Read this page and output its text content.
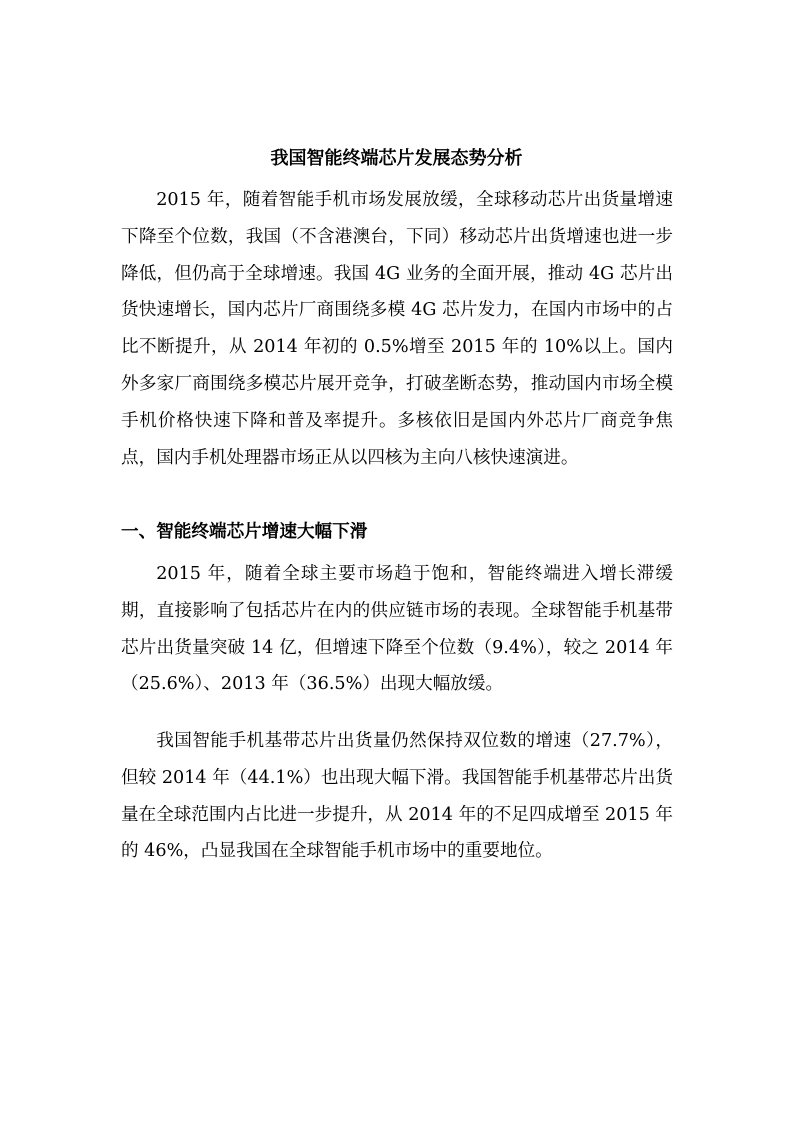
我国智能终端芯片发展态势分析

2015 年，随着智能手机市场发展放缓，全球移动芯片出货量增速下降至个位数，我国（不含港澳台，下同）移动芯片出货增速也进一步降低，但仍高于全球增速。我国 4G 业务的全面开展，推动 4G 芯片出货快速增长，国内芯片厂商围绕多模 4G 芯片发力，在国内市场中的占比不断提升，从 2014 年初的 0.5%增至 2015 年的 10%以上。国内外多家厂商围绕多模芯片展开竞争，打破垄断态势，推动国内市场全模手机价格快速下降和普及率提升。多核依旧是国内外芯片厂商竞争焦点，国内手机处理器市场正从以四核为主向八核快速演进。

一、智能终端芯片增速大幅下滑

2015 年，随着全球主要市场趋于饱和，智能终端进入增长滞缓期，直接影响了包括芯片在内的供应链市场的表现。全球智能手机基带芯片出货量突破 14 亿，但增速下降至个位数（9.4%），较之 2014 年（25.6%）、2013 年（36.5%）出现大幅放缓。

我国智能手机基带芯片出货量仍然保持双位数的增速（27.7%），但较 2014 年（44.1%）也出现大幅下滑。我国智能手机基带芯片出货量在全球范围内占比进一步提升，从 2014 年的不足四成增至 2015 年的 46%，凸显我国在全球智能手机市场中的重要地位。
